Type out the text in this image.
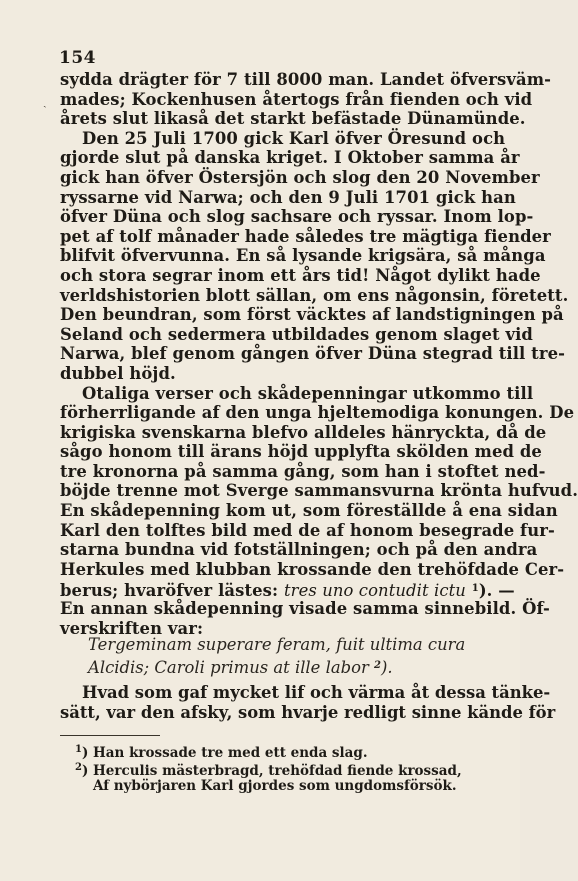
154
ˎ
sydda drägter för 7 till 8000 man. Landet öfversväm-
mades; Kockenhusen återtogs från fienden och vid
årets slut likaså det starkt befästade Dünamünde.
Den 25 Juli 1700 gick Karl öfver Öresund och
gjorde slut på danska kriget. I Oktober samma år
gick han öfver Östersjön och slog den 20 November
ryssarne vid Narwa; och den 9 Juli 1701 gick han
öfver Düna och slog sachsare och ryssar. Inom lop-
pet af tolf månader hade således tre mägtiga fiender
blifvit öfvervunna. En så lysande krigsära, så många
och stora segrar inom ett års tid! Något dylikt hade
verldshistorien blott sällan, om ens någonsin, företett.
Den beundran, som först väcktes af landstigningen på
Seland och sedermera utbildades genom slaget vid
Narwa, blef genom gången öfver Düna stegrad till tre-
dubbel höjd.
Otaliga verser och skådepenningar utkommo till
förherrligande af den unga hjeltemodiga konungen. De
krigiska svenskarna blefvo alldeles hänryckta, då de
sågo honom till ärans höjd upplyfta skölden med de
tre kronorna på samma gång, som han i stoftet ned-
böjde trenne mot Sverge sammansvurna krönta hufvud.
En skådepenning kom ut, som föreställde å ena sidan
Karl den tolftes bild med de af honom besegrade fur-
starna bundna vid fotställningen; och på den andra
Herkules med klubban krossande den trehöfdade Cer-
berus; hvaröfver lästes: tres uno contudit ictu $^1$). —
En annan skådepenning visade samma sinnebild. Öf-
verskriften var:
Tergeminam superare feram, fuit ultima cura
Alcidis; Caroli primus at ille labor $^2$).
Hvad som gaf mycket lif och värma åt dessa tänke-
sätt, var den afsky, som hvarje redligt sinne kände för
$^1$) Han krossade tre med ett enda slag.
$^2$) Herculis mästerbragd, trehöfdad fiende krossad,
Af nybörjaren Karl gjordes som ungdomsförsök.
